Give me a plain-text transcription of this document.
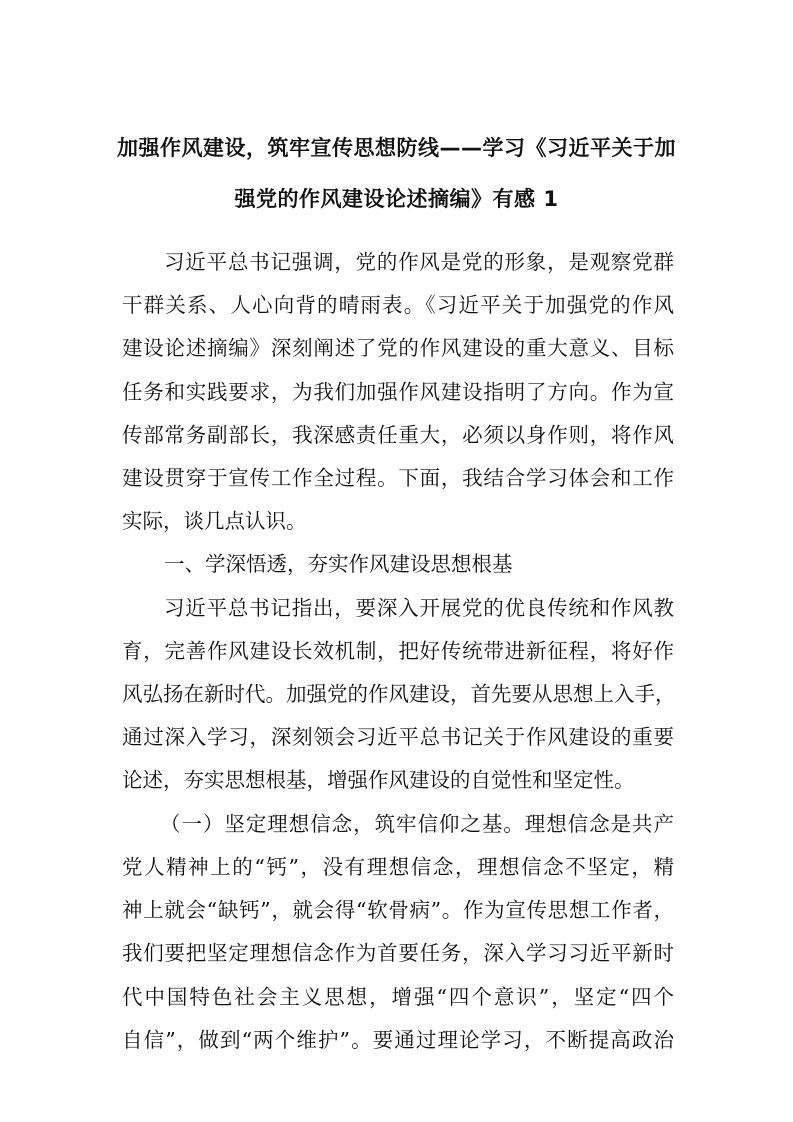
加强作风建设，筑牢宣传思想防线——学习《习近平关于加
强党的作风建设论述摘编》有感 1
习近平总书记强调，党的作风是党的形象，是观察党群
干群关系、人心向背的晴雨表。《习近平关于加强党的作风
建设论述摘编》深刻阐述了党的作风建设的重大意义、目标
任务和实践要求，为我们加强作风建设指明了方向。作为宣
传部常务副部长，我深感责任重大，必须以身作则，将作风
建设贯穿于宣传工作全过程。下面，我结合学习体会和工作
实际，谈几点认识。
一、学深悟透，夯实作风建设思想根基
习近平总书记指出，要深入开展党的优良传统和作风教
育，完善作风建设长效机制，把好传统带进新征程，将好作
风弘扬在新时代。加强党的作风建设，首先要从思想上入手，
通过深入学习，深刻领会习近平总书记关于作风建设的重要
论述，夯实思想根基，增强作风建设的自觉性和坚定性。
（一）坚定理想信念，筑牢信仰之基。理想信念是共产
党人精神上的“钙”，没有理想信念，理想信念不坚定，精
神上就会“缺钙”，就会得“软骨病”。作为宣传思想工作者，
我们要把坚定理想信念作为首要任务，深入学习习近平新时
代中国特色社会主义思想，增强“四个意识”，坚定“四个
自信”，做到“两个维护”。要通过理论学习，不断提高政治
